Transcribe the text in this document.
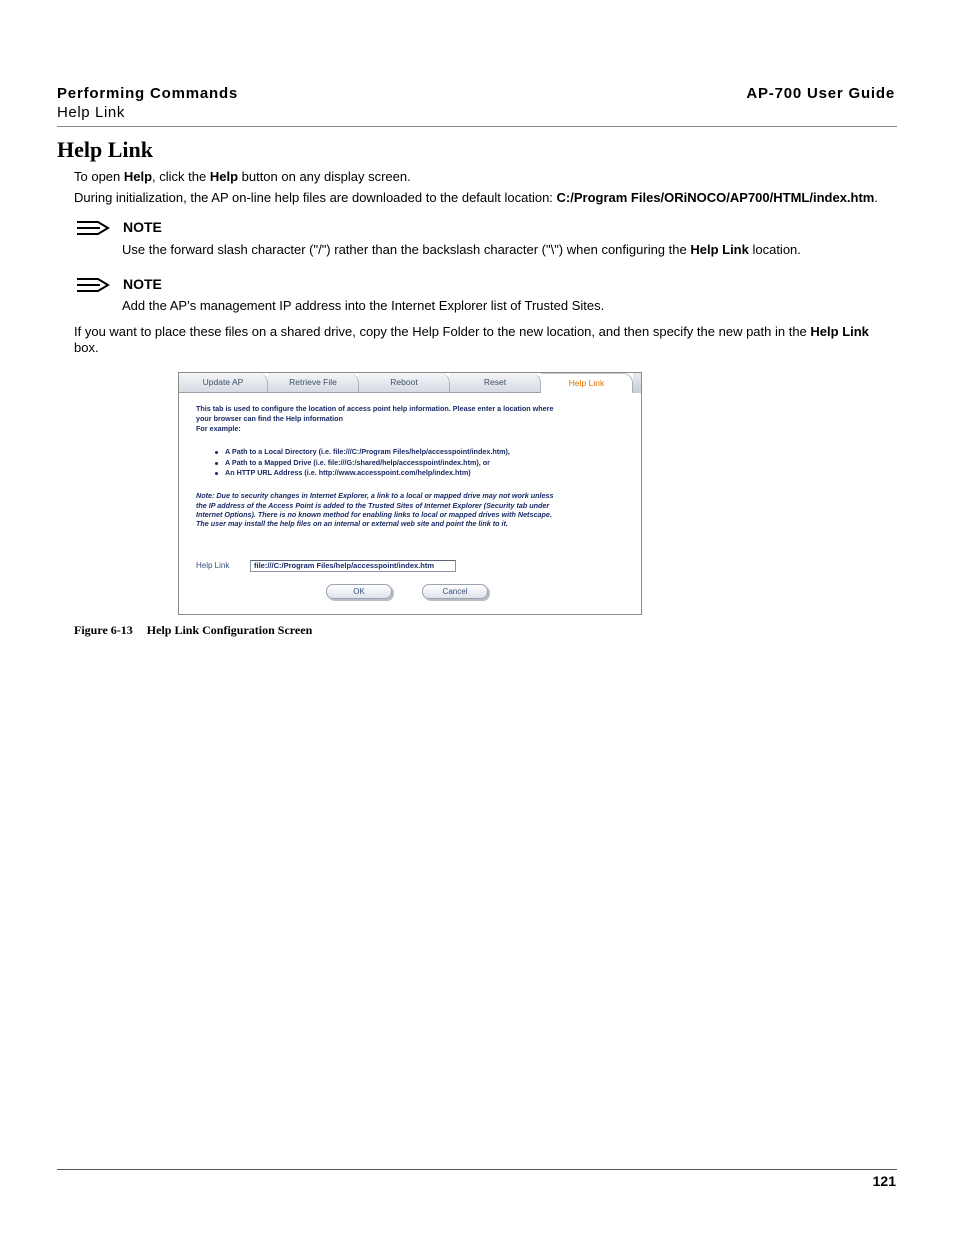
Performing Commands
Help Link
AP-700 User Guide
Help Link
To open Help, click the Help button on any display screen.
During initialization, the AP on-line help files are downloaded to the default location: C:/Program Files/ORiNOCO/AP700/HTML/index.htm.
NOTE
Use the forward slash character ("/") rather than the backslash character ("\") when configuring the Help Link location.
NOTE
Add the AP’s management IP address into the Internet Explorer list of Trusted Sites.
If you want to place these files on a shared drive, copy the Help Folder to the new location, and then specify the new path in the Help Link
box.
Update AP	Retrieve File	Reboot	Reset	Help Link
This tab is used to configure the location of access point help information. Please enter a location where
your browser can find the Help information
For example:
A Path to a Local Directory (i.e. file:///C:/Program Files/help/accesspoint/index.htm),
A Path to a Mapped Drive (i.e. file:///G:/shared/help/accesspoint/index.htm), or
An HTTP URL Address (i.e. http://www.accesspoint.com/help/index.htm)
Note: Due to security changes in Internet Explorer, a link to a local or mapped drive may not work unless
the IP address of the Access Point is added to the Trusted Sites of Internet Explorer (Security tab under
Internet Options). There is no known method for enabling links to local or mapped drives with Netscape.
The user may install the help files on an internal or external web site and point the link to it.
Help Link	file:///C:/Program Files/help/accesspoint/index.htm
OK	Cancel
Figure 6-13 Help Link Configuration Screen
121
